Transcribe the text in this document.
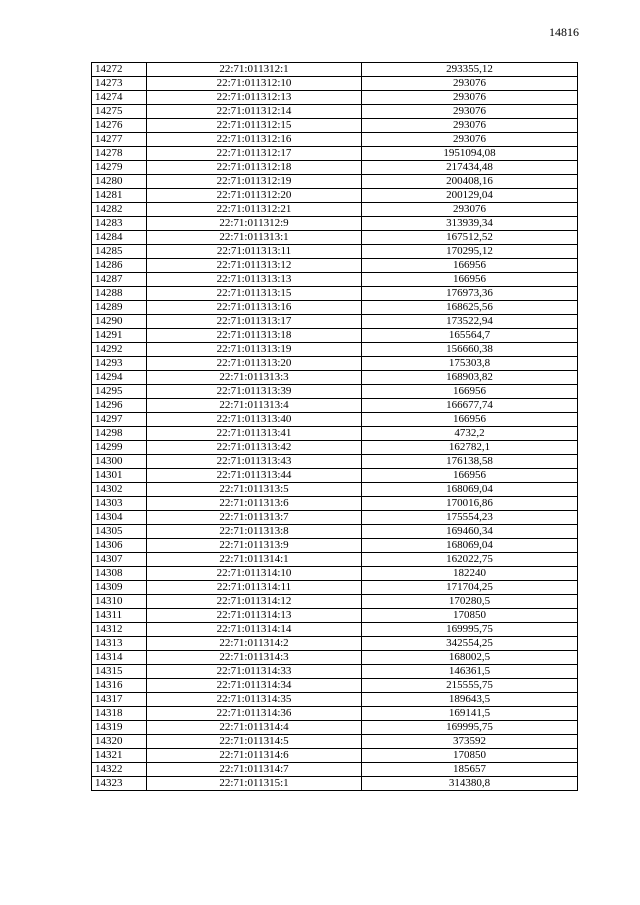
14816
14272	22:71:011312:1	293355,12
14273	22:71:011312:10	293076
14274	22:71:011312:13	293076
14275	22:71:011312:14	293076
14276	22:71:011312:15	293076
14277	22:71:011312:16	293076
14278	22:71:011312:17	1951094,08
14279	22:71:011312:18	217434,48
14280	22:71:011312:19	200408,16
14281	22:71:011312:20	200129,04
14282	22:71:011312:21	293076
14283	22:71:011312:9	313939,34
14284	22:71:011313:1	167512,52
14285	22:71:011313:11	170295,12
14286	22:71:011313:12	166956
14287	22:71:011313:13	166956
14288	22:71:011313:15	176973,36
14289	22:71:011313:16	168625,56
14290	22:71:011313:17	173522,94
14291	22:71:011313:18	165564,7
14292	22:71:011313:19	156660,38
14293	22:71:011313:20	175303,8
14294	22:71:011313:3	168903,82
14295	22:71:011313:39	166956
14296	22:71:011313:4	166677,74
14297	22:71:011313:40	166956
14298	22:71:011313:41	4732,2
14299	22:71:011313:42	162782,1
14300	22:71:011313:43	176138,58
14301	22:71:011313:44	166956
14302	22:71:011313:5	168069,04
14303	22:71:011313:6	170016,86
14304	22:71:011313:7	175554,23
14305	22:71:011313:8	169460,34
14306	22:71:011313:9	168069,04
14307	22:71:011314:1	162022,75
14308	22:71:011314:10	182240
14309	22:71:011314:11	171704,25
14310	22:71:011314:12	170280,5
14311	22:71:011314:13	170850
14312	22:71:011314:14	169995,75
14313	22:71:011314:2	342554,25
14314	22:71:011314:3	168002,5
14315	22:71:011314:33	146361,5
14316	22:71:011314:34	215555,75
14317	22:71:011314:35	189643,5
14318	22:71:011314:36	169141,5
14319	22:71:011314:4	169995,75
14320	22:71:011314:5	373592
14321	22:71:011314:6	170850
14322	22:71:011314:7	185657
14323	22:71:011315:1	314380,8
